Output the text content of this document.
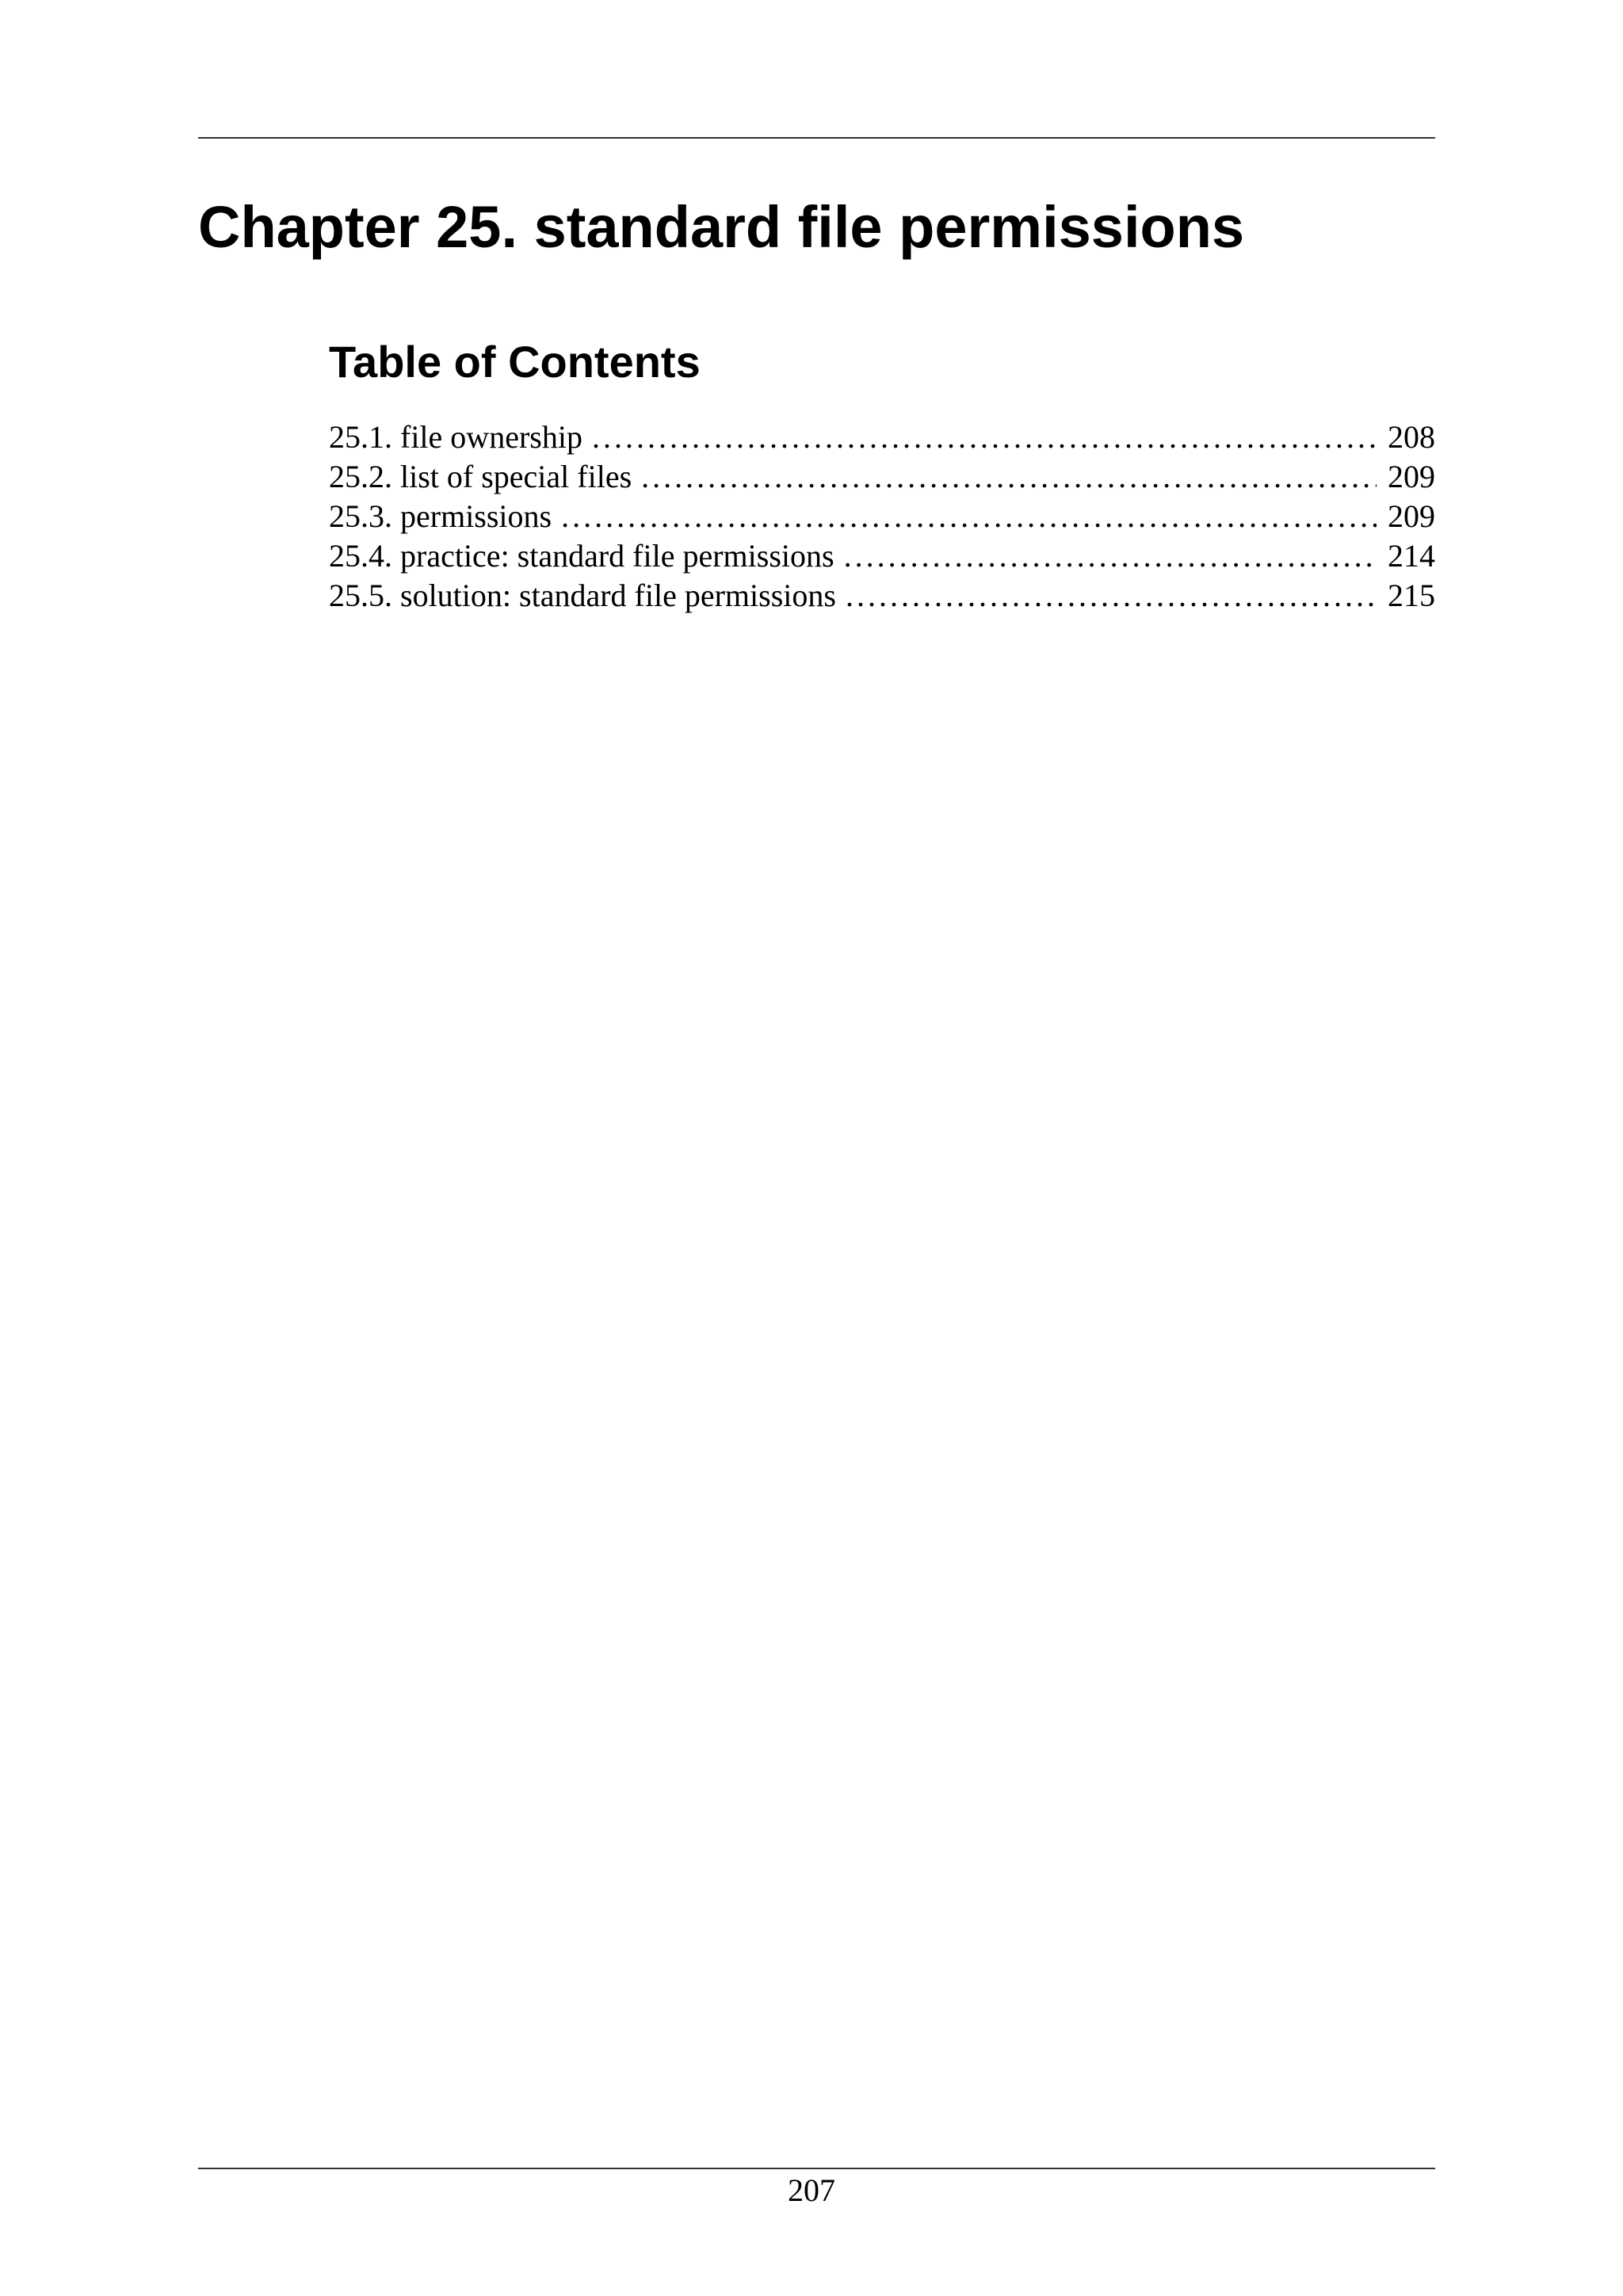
Chapter 25. standard file permissions
Table of Contents
25.1. file ownership .....	208
25.2. list of special files .....	209
25.3. permissions .....	209
25.4. practice: standard file permissions .....	214
25.5. solution: standard file permissions .....	215
207
